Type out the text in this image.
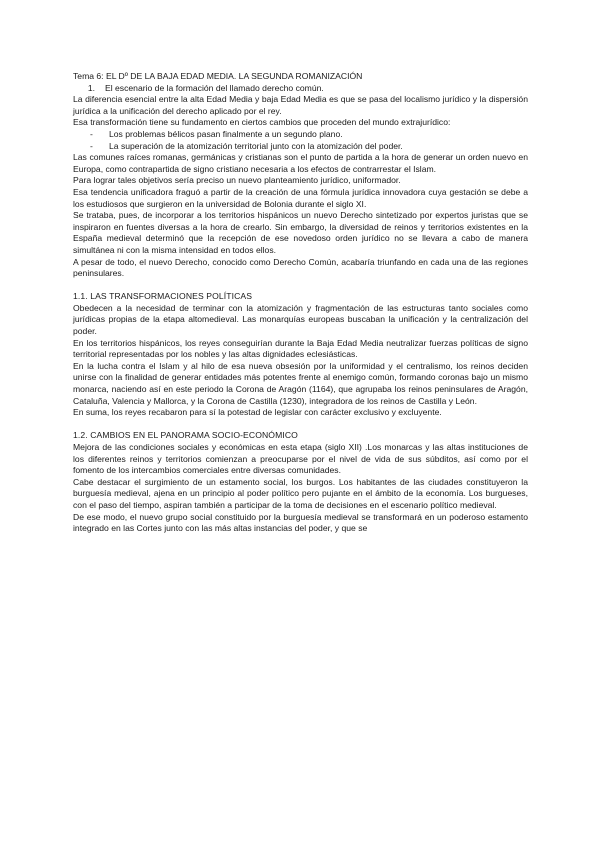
Tema 6: EL Dº DE LA BAJA EDAD MEDIA. LA SEGUNDA ROMANIZACIÓN

1.	El escenario de la formación del llamado derecho común.

La diferencia esencial entre la alta Edad Media y baja Edad Media es que se pasa del localismo jurídico y la dispersión jurídica a la unificación del derecho aplicado por el rey.

Esa transformación tiene su fundamento en ciertos cambios que proceden del mundo extrajurídico:

-	Los problemas bélicos pasan finalmente a un segundo plano.
-	La superación de la atomización territorial junto con la atomización del poder.

Las comunes raíces romanas, germánicas y cristianas son el punto de partida a la hora de generar un orden nuevo en Europa, como contrapartida de signo cristiano necesaria a los efectos de contrarrestar el Islam.

Para lograr tales objetivos sería preciso un nuevo planteamiento jurídico, uniformador.

Esa tendencia unificadora fraguó a partir de la creación de una fórmula jurídica innovadora cuya gestación se debe a los estudiosos que surgieron en la universidad de Bolonia durante el siglo XI.

Se trataba, pues, de incorporar a los territorios hispánicos un nuevo Derecho sintetizado por expertos juristas que se inspiraron en fuentes diversas a la hora de crearlo. Sin embargo, la diversidad de reinos y territorios existentes en la España medieval determinó que la recepción de ese novedoso orden jurídico no se llevara a cabo de manera simultánea ni con la misma intensidad en todos ellos.

A pesar de todo, el nuevo Derecho, conocido como Derecho Común, acabaría triunfando en cada una de las regiones peninsulares.

1.1. LAS TRANSFORMACIONES POLÍTICAS

Obedecen a la necesidad de terminar con la atomización y fragmentación de las estructuras tanto sociales como jurídicas propias de la etapa altomedieval. Las monarquías europeas buscaban la unificación y la centralización del poder.

En los territorios hispánicos, los reyes conseguirían durante la Baja Edad Media neutralizar fuerzas políticas de signo territorial representadas por los nobles y las altas dignidades eclesiásticas.

En la lucha contra el Islam y al hilo de esa nueva obsesión por la uniformidad y el centralismo, los reinos deciden unirse con la finalidad de generar entidades más potentes frente al enemigo común, formando coronas bajo un mismo monarca, naciendo así en este periodo la Corona de Aragón (1164), que agrupaba los reinos peninsulares de Aragón, Cataluña, Valencia y Mallorca, y la Corona de Castilla (1230), integradora de los reinos de Castilla y León.

En suma, los reyes recabaron para sí la potestad de legislar con carácter exclusivo y excluyente.

1.2. CAMBIOS EN EL PANORAMA SOCIO-ECONÓMICO

Mejora de las condiciones sociales y económicas en esta etapa (siglo XII) .Los monarcas y las altas instituciones de los diferentes reinos y territorios comienzan a preocuparse por el nivel de vida de sus súbditos, así como por el fomento de los intercambios comerciales entre diversas comunidades.

Cabe destacar el surgimiento de un estamento social, los burgos. Los habitantes de las ciudades constituyeron la burguesía medieval, ajena en un principio al poder político pero pujante en el ámbito de la economía. Los burgueses, con el paso del tiempo, aspiran también a participar de la toma de decisiones en el escenario político medieval.

De ese modo, el nuevo grupo social constituido por la burguesía medieval se transformará en un poderoso estamento integrado en las Cortes junto con las más altas instancias del poder, y que se
